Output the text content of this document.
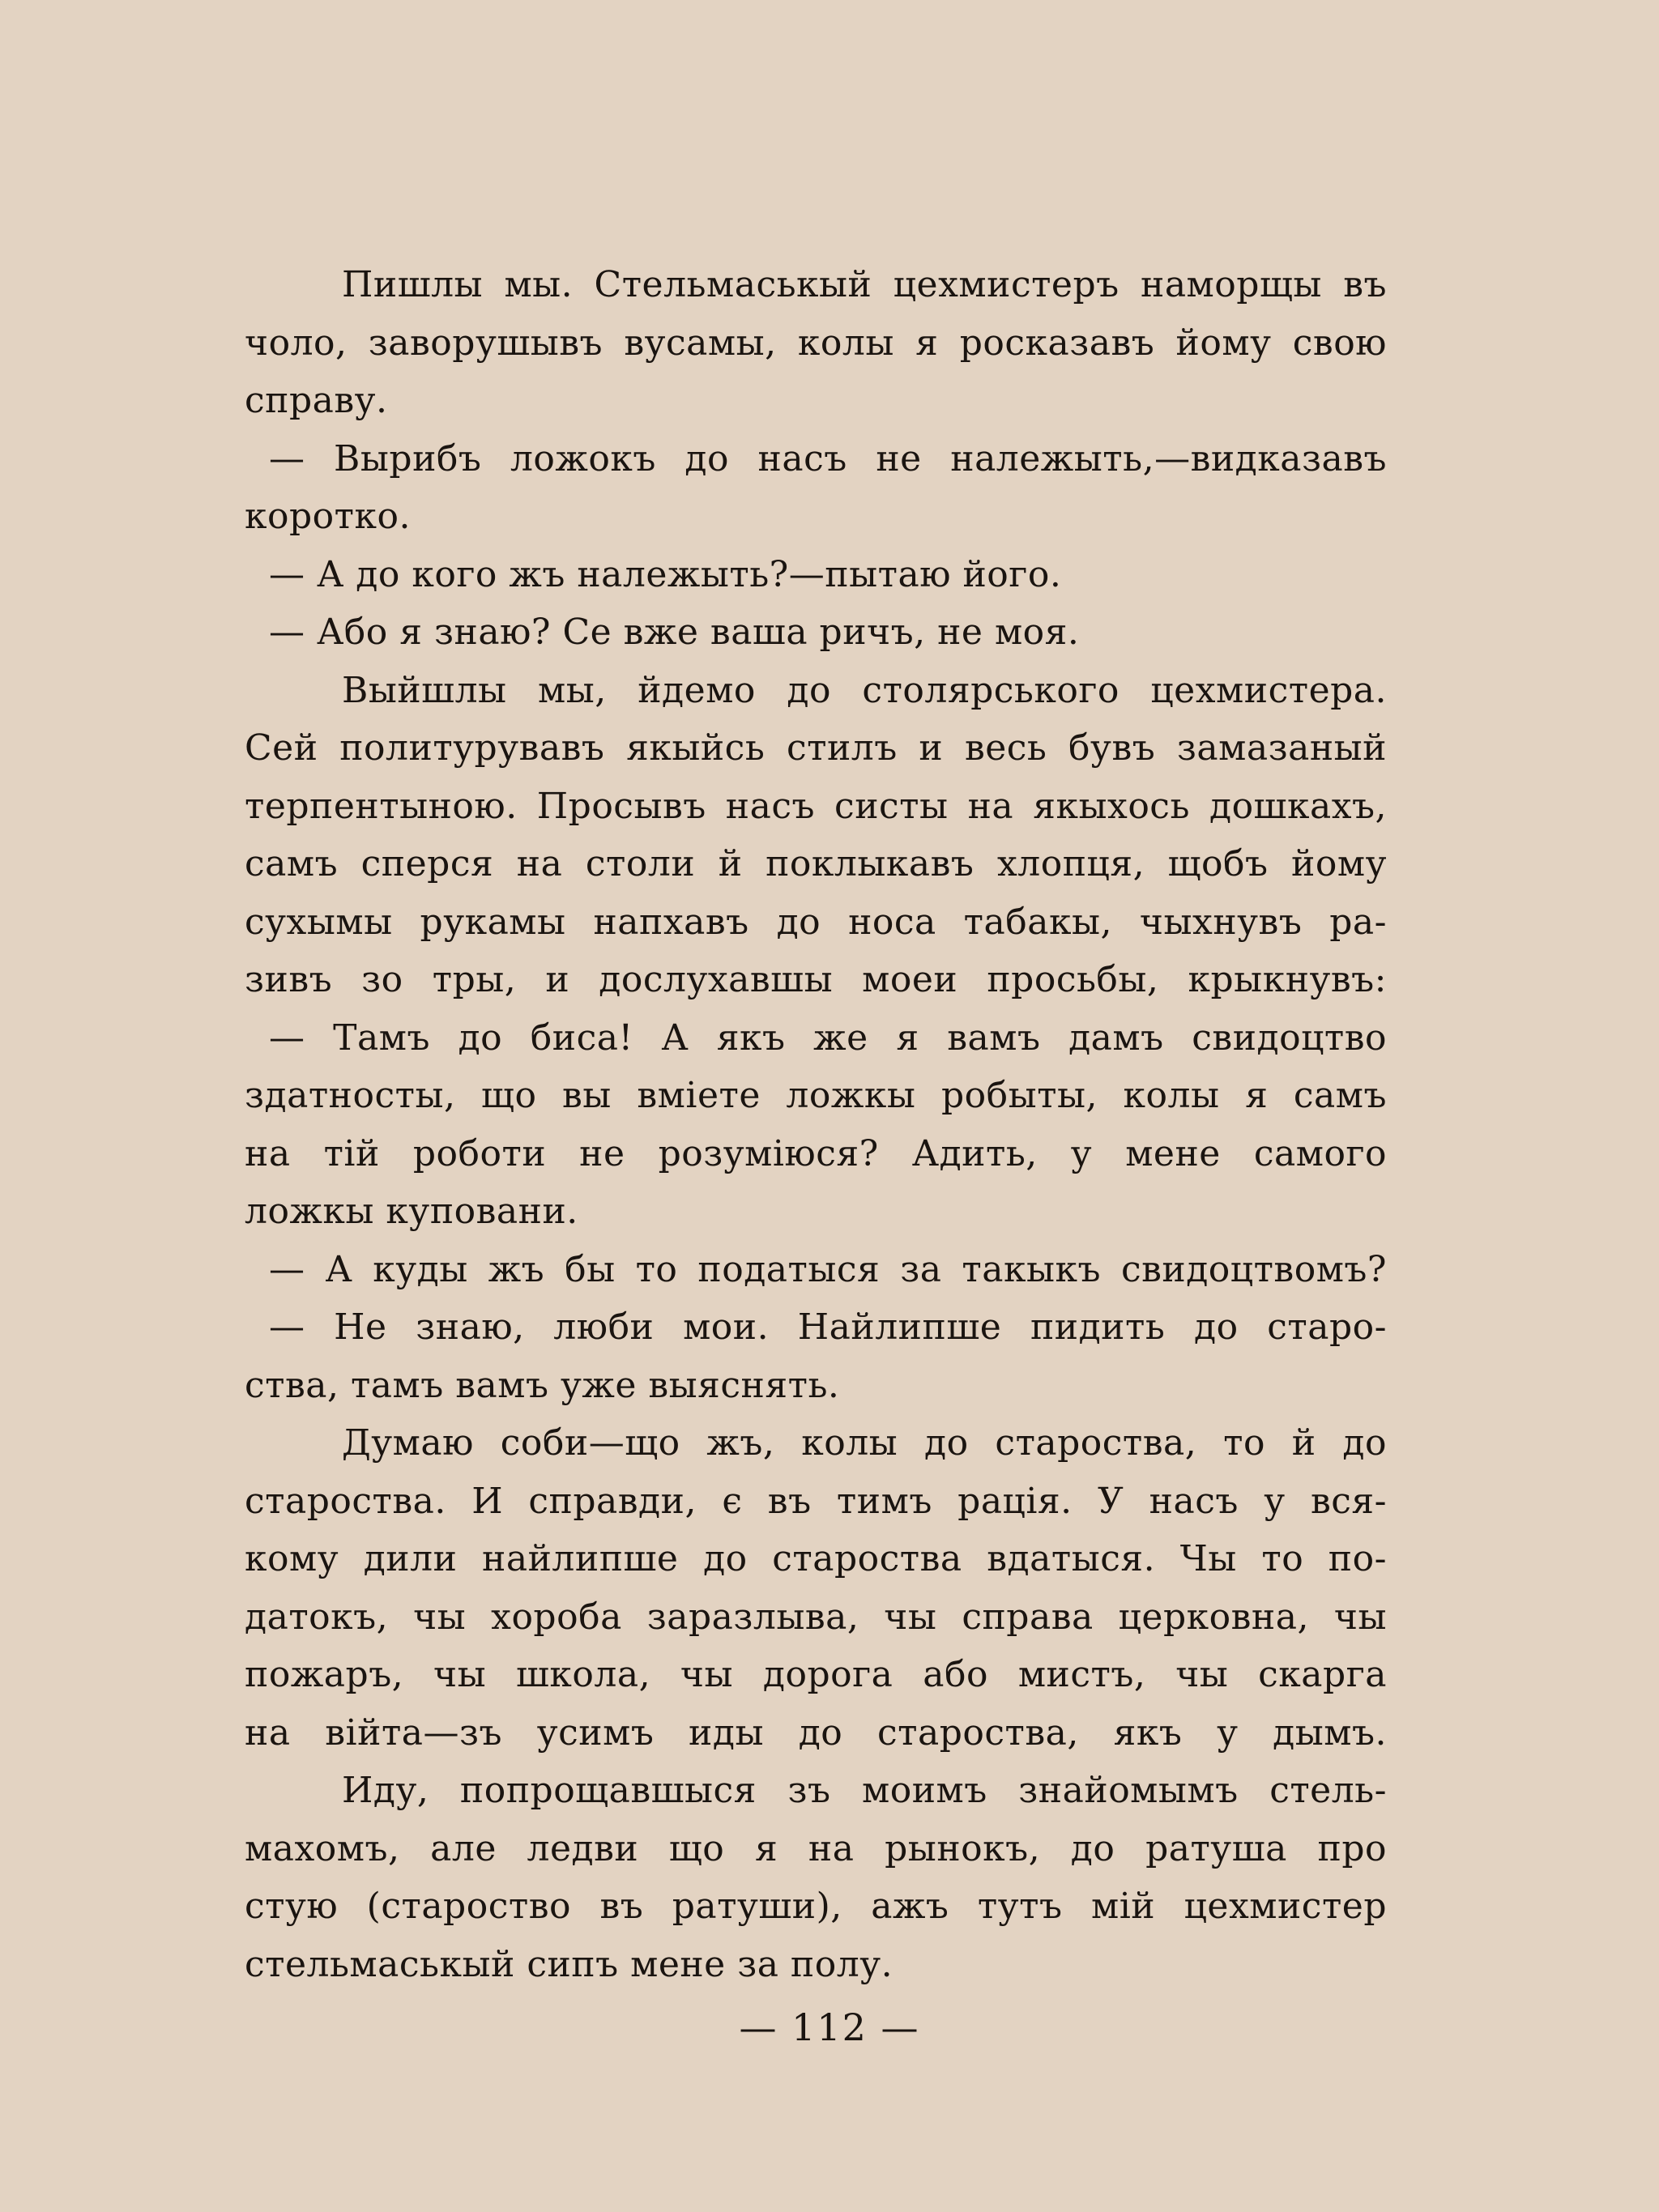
Пишлы мы. Стельмаськый цехмистеръ наморщы въ
чоло, заворушывъ вусамы, колы я росказавъ йому свою
справу.
— Вырибъ ложокъ до насъ не належыть,—видказавъ
коротко.
— А до кого жъ належыть?—пытаю його.
— Або я знаю? Се вже ваша ричъ, не моя.
Выйшлы мы, йдемо до столярського цехмистера.
Сей политурувавъ якыйсь стилъ и весь бувъ замазаный
терпентыною. Просывъ насъ систы на якыхось дошкахъ,
самъ сперся на столи й поклыкавъ хлопця, щобъ йому
сухымы рукамы напхавъ до носа табакы, чыхнувъ ра-
зивъ зо тры, и дослухавшы моеи просьбы, крыкнувъ:
— Тамъ до биса! А якъ же я вамъ дамъ свидоцтво
здатносты, що вы вміете ложкы робыты, колы я самъ
на тій роботи не розуміюся? Адить, у мене самого
ложкы куповани.
— А куды жъ бы то податыся за такыкъ свидоцтвомъ?
— Не знаю, люби мои. Найлипше пидить до старо-
ства, тамъ вамъ уже выяснять.
Думаю соби—що жъ, колы до староства, то й до
староства. И справди, є въ тимъ рація. У насъ у вся-
кому дили найлипше до староства вдатыся. Чы то по-
датокъ, чы хороба заразлыва, чы справа церковна, чы
пожаръ, чы школа, чы дорога або мистъ, чы скарга
на війта—зъ усимъ иды до староства, якъ у дымъ.
Иду, попрощавшыся зъ моимъ знайомымъ стель-
махомъ, але ледви що я на рынокъ, до ратуша про
стую (староство въ ратуши), ажъ тутъ мій цехмистер
стельмаськый сипъ мене за полу.
— 112 —
